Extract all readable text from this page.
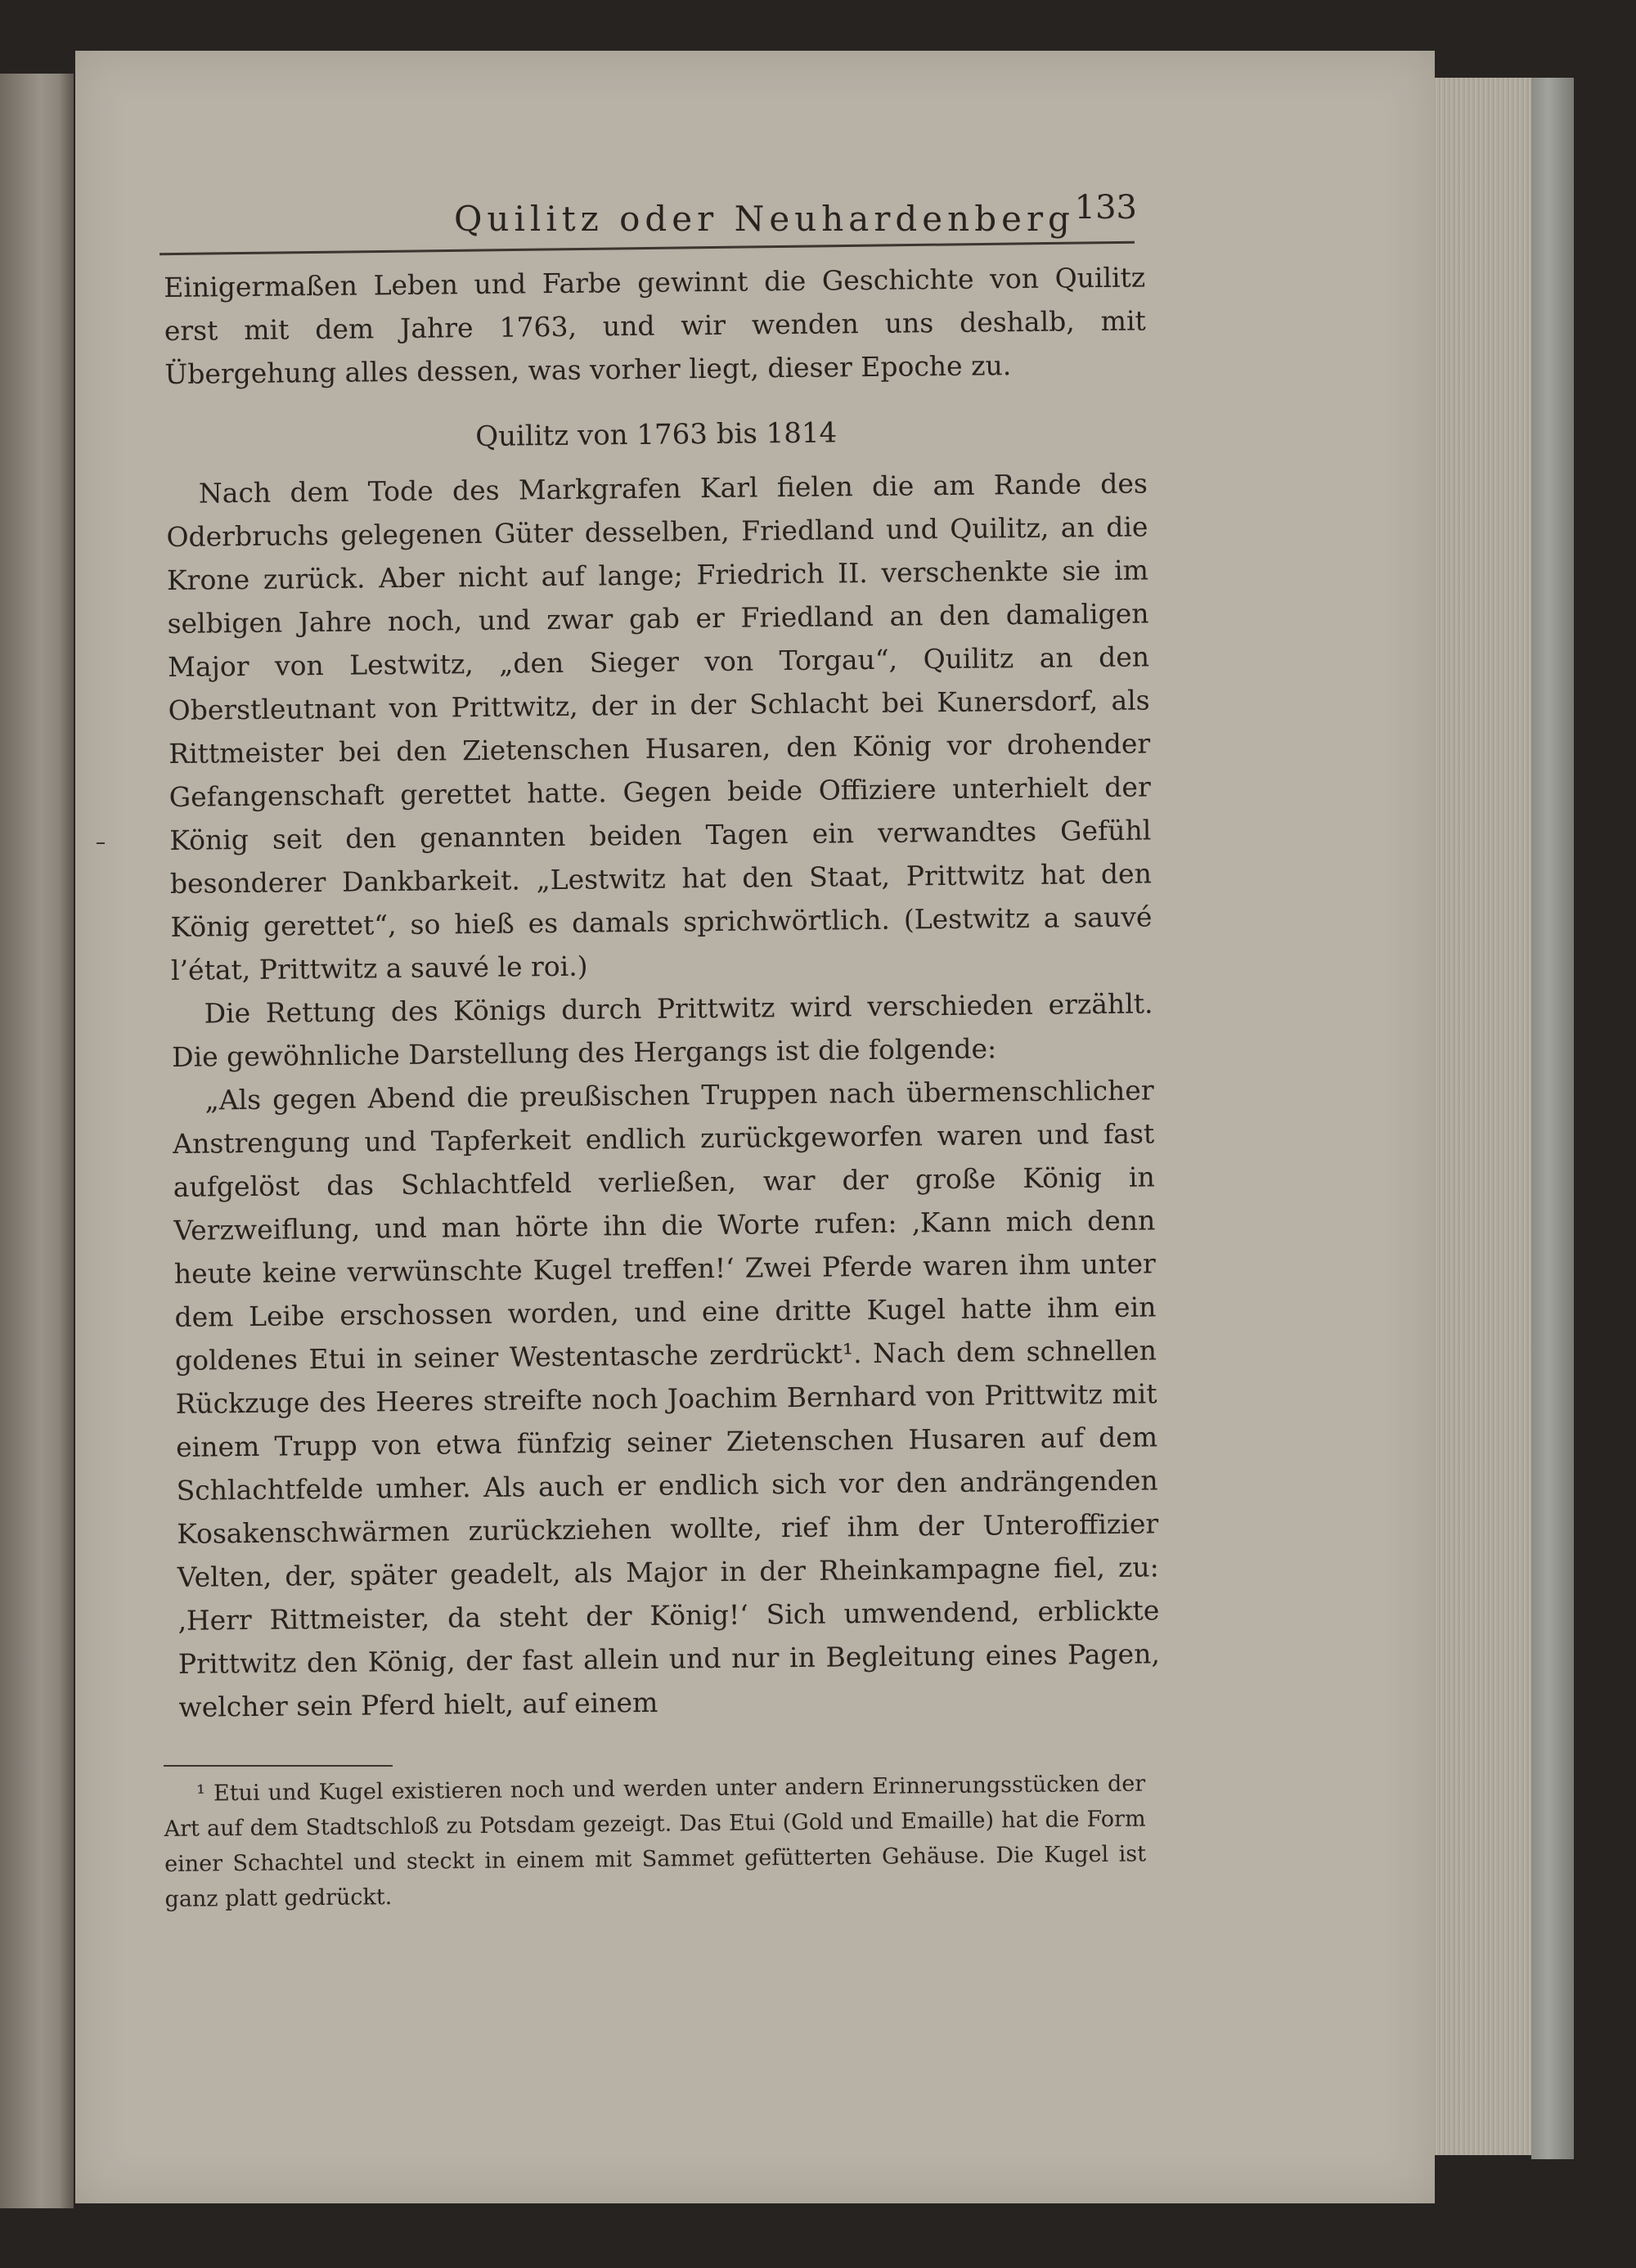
Quilitz oder Neuhardenberg 133

Einigermaßen Leben und Farbe gewinnt die Geschichte von Quilitz erst mit dem Jahre 1763, und wir wenden uns deshalb, mit Übergehung alles dessen, was vorher liegt, dieser Epoche zu.

Quilitz von 1763 bis 1814

Nach dem Tode des Markgrafen Karl fielen die am Rande des Oderbruchs gelegenen Güter desselben, Friedland und Quilitz, an die Krone zurück. Aber nicht auf lange; Friedrich II. verschenkte sie im selbigen Jahre noch, und zwar gab er Friedland an den damaligen Major von Lestwitz, „den Sieger von Torgau“, Quilitz an den Oberstleutnant von Prittwitz, der in der Schlacht bei Kunersdorf, als Rittmeister bei den Zietenschen Husaren, den König vor drohender Gefangenschaft gerettet hatte. Gegen beide Offiziere unterhielt der König seit den genannten beiden Tagen ein verwandtes Gefühl besonderer Dankbarkeit. „Lestwitz hat den Staat, Prittwitz hat den König gerettet“, so hieß es damals sprichwörtlich. (Lestwitz a sauvé l’état, Prittwitz a sauvé le roi.)

Die Rettung des Königs durch Prittwitz wird verschieden erzählt. Die gewöhnliche Darstellung des Hergangs ist die folgende:

„Als gegen Abend die preußischen Truppen nach übermenschlicher Anstrengung und Tapferkeit endlich zurückgeworfen waren und fast aufgelöst das Schlachtfeld verließen, war der große König in Verzweiflung, und man hörte ihn die Worte rufen: ‚Kann mich denn heute keine verwünschte Kugel treffen!‘ Zwei Pferde waren ihm unter dem Leibe erschossen worden, und eine dritte Kugel hatte ihm ein goldenes Etui in seiner Westentasche zerdrückt¹. Nach dem schnellen Rückzuge des Heeres streifte noch Joachim Bernhard von Prittwitz mit einem Trupp von etwa fünfzig seiner Zietenschen Husaren auf dem Schlachtfelde umher. Als auch er endlich sich vor den andrängenden Kosakenschwärmen zurückziehen wollte, rief ihm der Unteroffizier Velten, der, später geadelt, als Major in der Rheinkampagne fiel, zu: ‚Herr Rittmeister, da steht der König!‘ Sich umwendend, erblickte Prittwitz den König, der fast allein und nur in Begleitung eines Pagen, welcher sein Pferd hielt, auf einem

¹ Etui und Kugel existieren noch und werden unter andern Erinnerungsstücken der Art auf dem Stadtschloß zu Potsdam gezeigt. Das Etui (Gold und Emaille) hat die Form einer Schachtel und steckt in einem mit Sammet gefütterten Gehäuse. Die Kugel ist ganz platt gedrückt.
